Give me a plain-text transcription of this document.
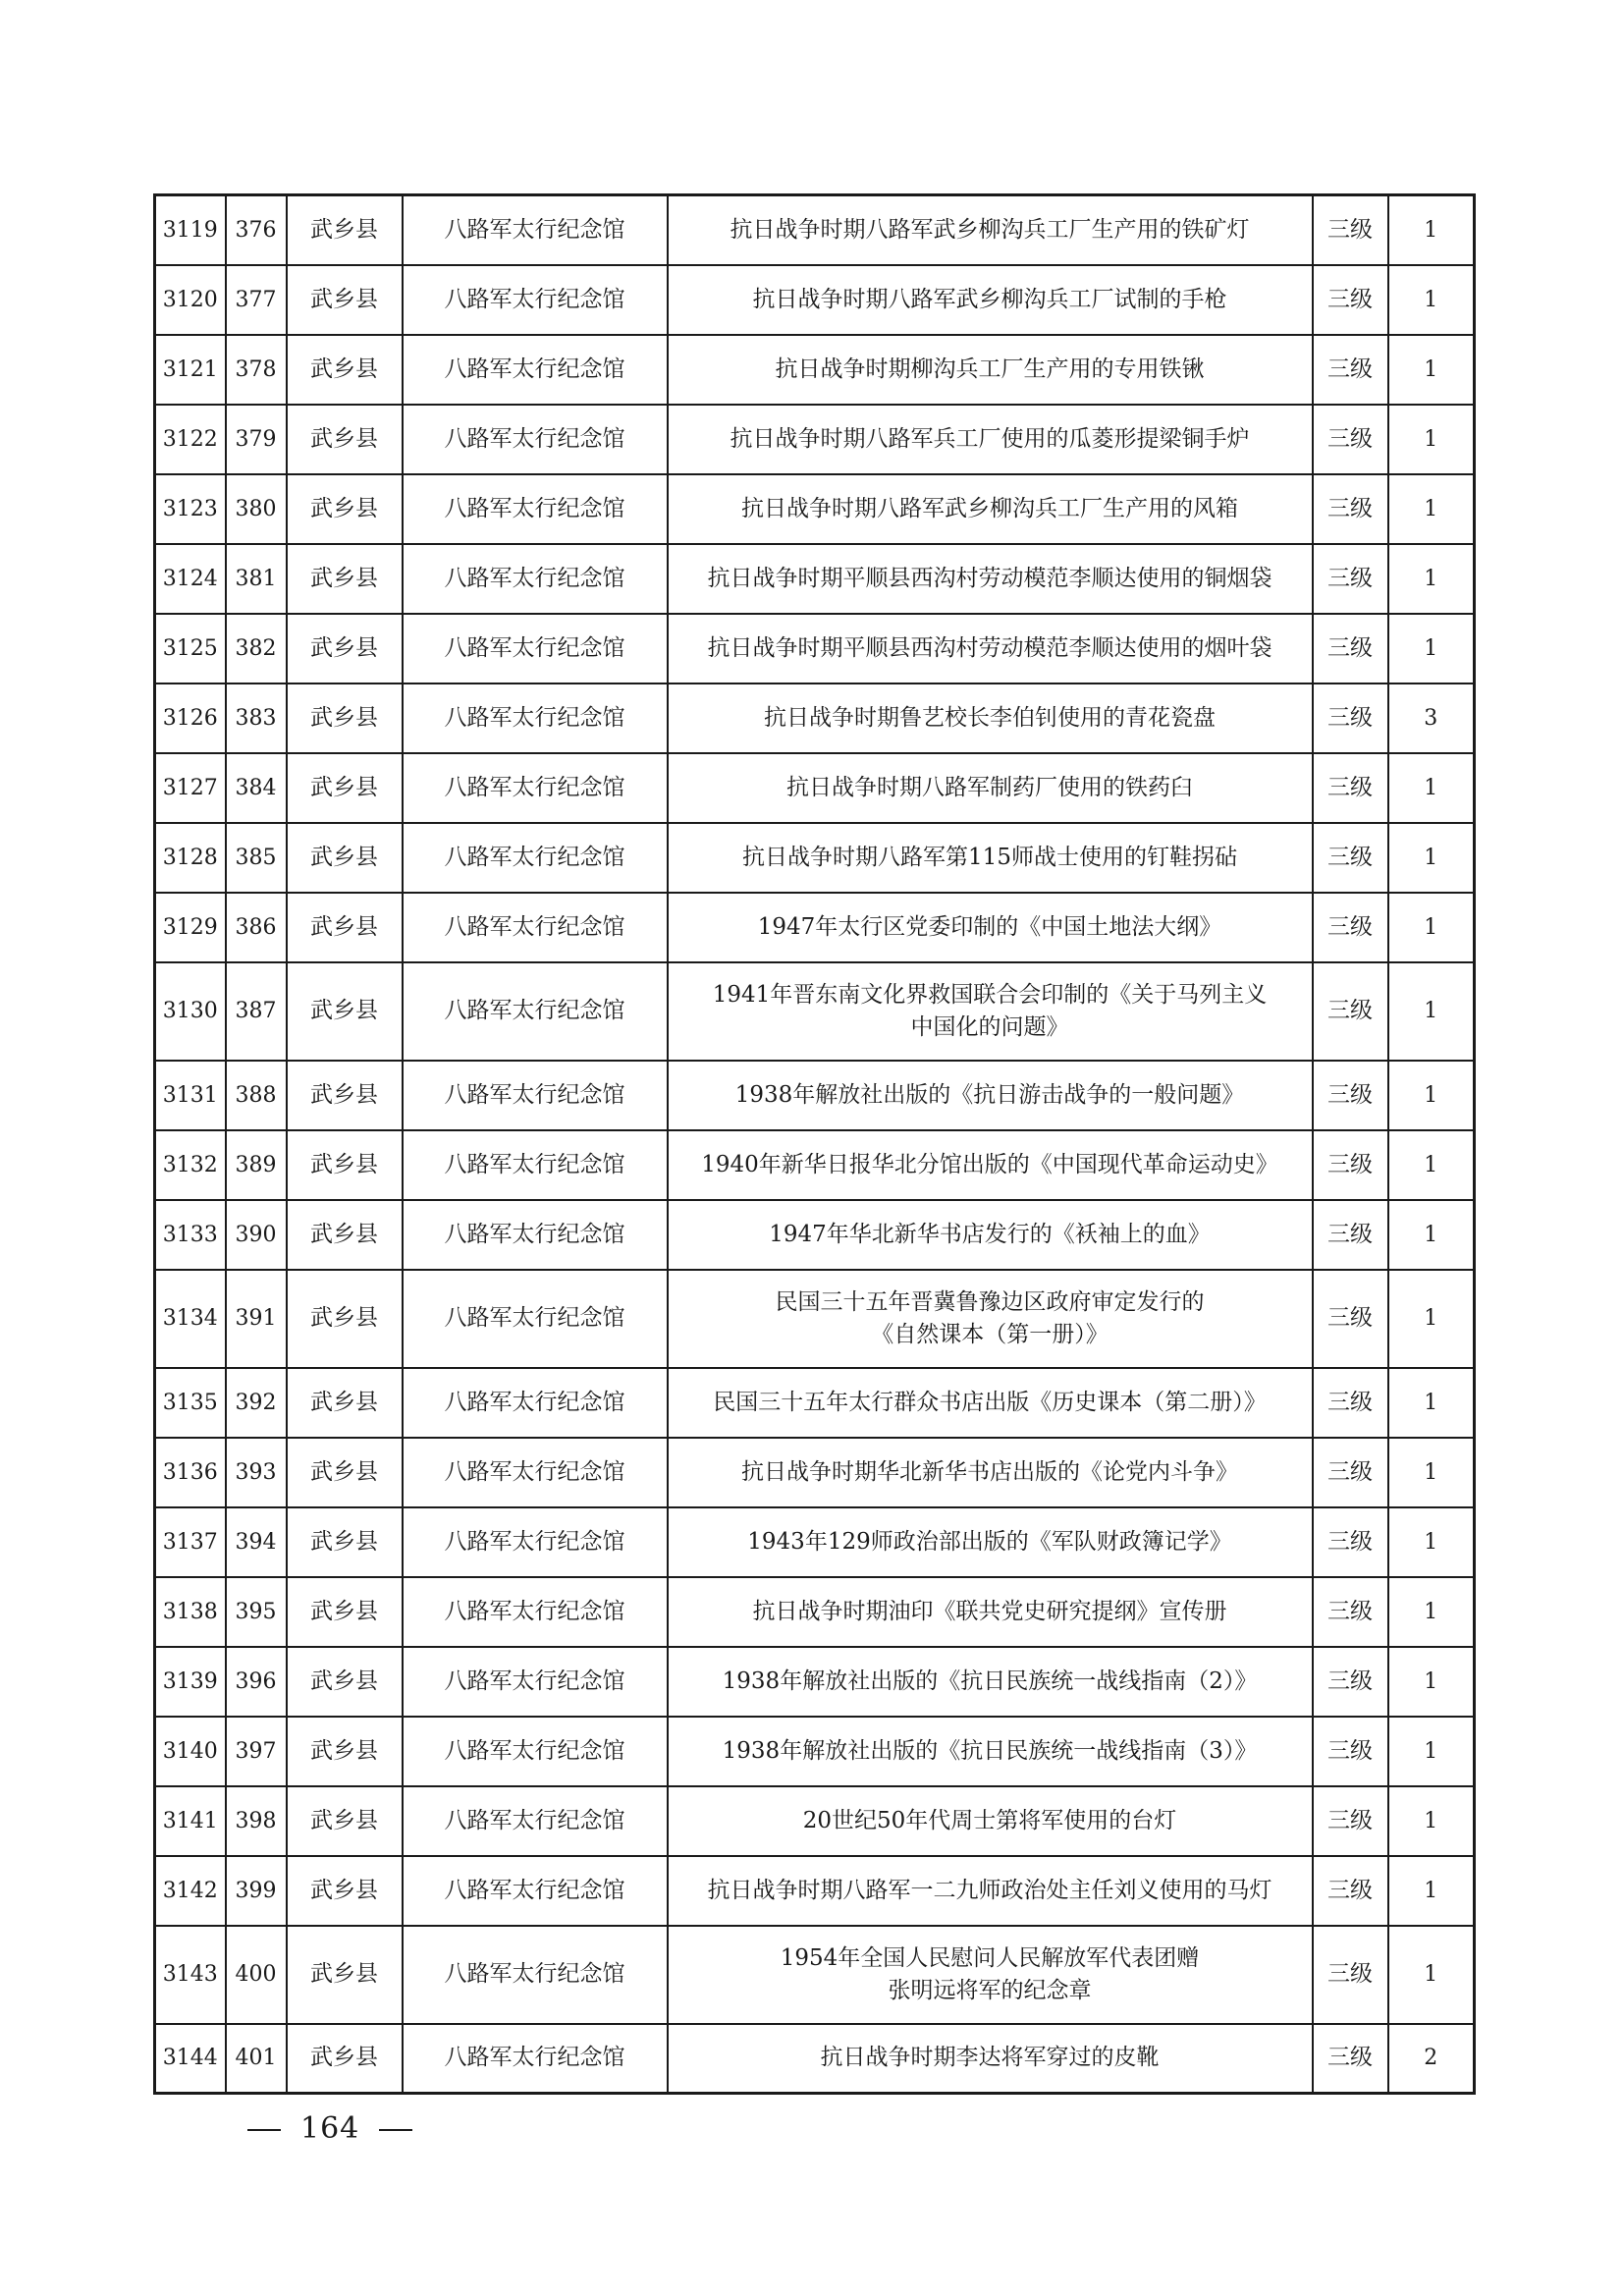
3119	376	武乡县	八路军太行纪念馆	抗日战争时期八路军武乡柳沟兵工厂生产用的铁矿灯	三级	1
3120	377	武乡县	八路军太行纪念馆	抗日战争时期八路军武乡柳沟兵工厂试制的手枪	三级	1
3121	378	武乡县	八路军太行纪念馆	抗日战争时期柳沟兵工厂生产用的专用铁锹	三级	1
3122	379	武乡县	八路军太行纪念馆	抗日战争时期八路军兵工厂使用的瓜菱形提梁铜手炉	三级	1
3123	380	武乡县	八路军太行纪念馆	抗日战争时期八路军武乡柳沟兵工厂生产用的风箱	三级	1
3124	381	武乡县	八路军太行纪念馆	抗日战争时期平顺县西沟村劳动模范李顺达使用的铜烟袋	三级	1
3125	382	武乡县	八路军太行纪念馆	抗日战争时期平顺县西沟村劳动模范李顺达使用的烟叶袋	三级	1
3126	383	武乡县	八路军太行纪念馆	抗日战争时期鲁艺校长李伯钊使用的青花瓷盘	三级	3
3127	384	武乡县	八路军太行纪念馆	抗日战争时期八路军制药厂使用的铁药臼	三级	1
3128	385	武乡县	八路军太行纪念馆	抗日战争时期八路军第115师战士使用的钉鞋拐砧	三级	1
3129	386	武乡县	八路军太行纪念馆	1947年太行区党委印制的《中国土地法大纲》	三级	1
3130	387	武乡县	八路军太行纪念馆	1941年晋东南文化界救国联合会印制的《关于马列主义
中国化的问题》	三级	1
3131	388	武乡县	八路军太行纪念馆	1938年解放社出版的《抗日游击战争的一般问题》	三级	1
3132	389	武乡县	八路军太行纪念馆	1940年新华日报华北分馆出版的《中国现代革命运动史》	三级	1
3133	390	武乡县	八路军太行纪念馆	1947年华北新华书店发行的《袄袖上的血》	三级	1
3134	391	武乡县	八路军太行纪念馆	民国三十五年晋冀鲁豫边区政府审定发行的
《自然课本（第一册）》	三级	1
3135	392	武乡县	八路军太行纪念馆	民国三十五年太行群众书店出版《历史课本（第二册）》	三级	1
3136	393	武乡县	八路军太行纪念馆	抗日战争时期华北新华书店出版的《论党内斗争》	三级	1
3137	394	武乡县	八路军太行纪念馆	1943年129师政治部出版的《军队财政簿记学》	三级	1
3138	395	武乡县	八路军太行纪念馆	抗日战争时期油印《联共党史研究提纲》宣传册	三级	1
3139	396	武乡县	八路军太行纪念馆	1938年解放社出版的《抗日民族统一战线指南（2）》	三级	1
3140	397	武乡县	八路军太行纪念馆	1938年解放社出版的《抗日民族统一战线指南（3）》	三级	1
3141	398	武乡县	八路军太行纪念馆	20世纪50年代周士第将军使用的台灯	三级	1
3142	399	武乡县	八路军太行纪念馆	抗日战争时期八路军一二九师政治处主任刘义使用的马灯	三级	1
3143	400	武乡县	八路军太行纪念馆	1954年全国人民慰问人民解放军代表团赠
张明远将军的纪念章	三级	1
3144	401	武乡县	八路军太行纪念馆	抗日战争时期李达将军穿过的皮靴	三级	2
164
